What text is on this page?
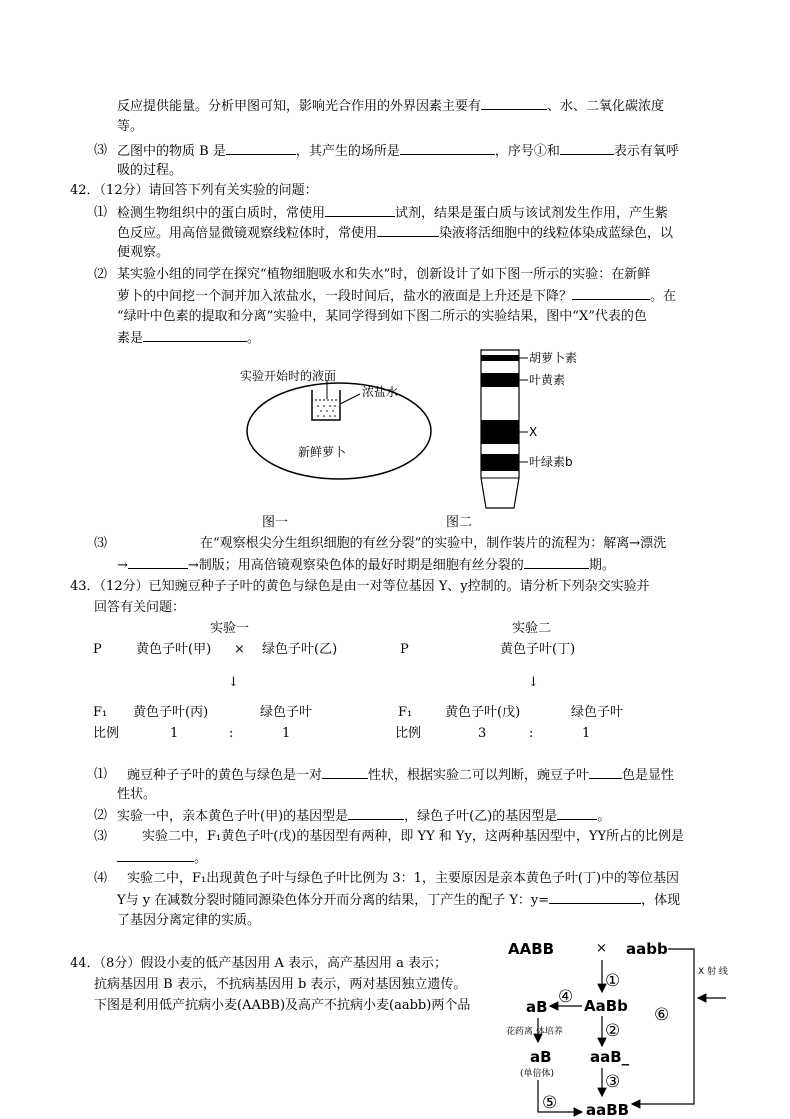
反应提供能量。分析甲图可知，影响光合作用的外界因素主要有	、水、二氧化碳浓度
等。
⑶ 乙图中的物质 B 是	，其产生的场所是	，序号①和	表示有氧呼
吸的过程。
42．（12分）请回答下列有关实验的问题：
⑴ 检测生物组织中的蛋白质时，常使用	试剂，结果是蛋白质与该试剂发生作用，产生紫
色反应。用高倍显微镜观察线粒体时，常使用	染液将活细胞中的线粒体染成蓝绿色，以
便观察。
⑵ 某实验小组的同学在探究“植物细胞吸水和失水”时，创新设计了如下图一所示的实验：在新鲜
萝卜的中间挖一个洞并加入浓盐水，一段时间后，盐水的液面是上升还是下降？	。在
“绿叶中色素的提取和分离”实验中，某同学得到如下图二所示的实验结果，图中“X”代表的色
素是	。
实验开始时的液面
浓盐水
新鲜萝卜
图一
胡萝卜素
叶黄素
X
叶绿素b
图二
⑶	在“观察根尖分生组织细胞的有丝分裂”的实验中，制作装片的流程为：解离→漂洗
→	→制版；用高倍镜观察染色体的最好时期是细胞有丝分裂的	期。
43．（12分）已知豌豆种子子叶的黄色与绿色是由一对等位基因 Y、y控制的。请分析下列杂交实验并
回答有关问题：
实验一
P	黄色子叶(甲) × 绿色子叶(乙)
↓
F₁ 黄色子叶(丙)	绿色子叶
比例	1	:	1
实验二
P	黄色子叶(丁)
↓
F₁	黄色子叶(戊)	绿色子叶
比例	3	:	1
⑴ 豌豆种子子叶的黄色与绿色是一对	性状，根据实验二可以判断，豌豆子叶	色是显性
性状。
⑵ 实验一中，亲本黄色子叶(甲)的基因型是	，绿色子叶(乙)的基因型是	。
⑶	实验二中，F₁黄色子叶(戊)的基因型有两种，即 YY 和 Yy，这两种基因型中，YY所占的比例是
。
⑷ 实验二中，F₁出现黄色子叶与绿色子叶比例为 3：1，主要原因是亲本黄色子叶(丁)中的等位基因
Y与 y 在减数分裂时随同源染色体分开而分离的结果，丁产生的配子 Y：y=	，体现
了基因分离定律的实质。
44．（8分）假设小麦的低产基因用 A 表示，高产基因用 a 表示；
抗病基因用 B 表示，不抗病基因用 b 表示，两对基因独立遗传。
下图是利用低产抗病小麦(AABB)及高产不抗病小麦(aabb)两个品
AABB	× aabb
①
AaBb
④
aB
花药离 体培养
aB
(单倍体)
②
aaB_
③
⑤ aaBB
X 射 线
⑥
